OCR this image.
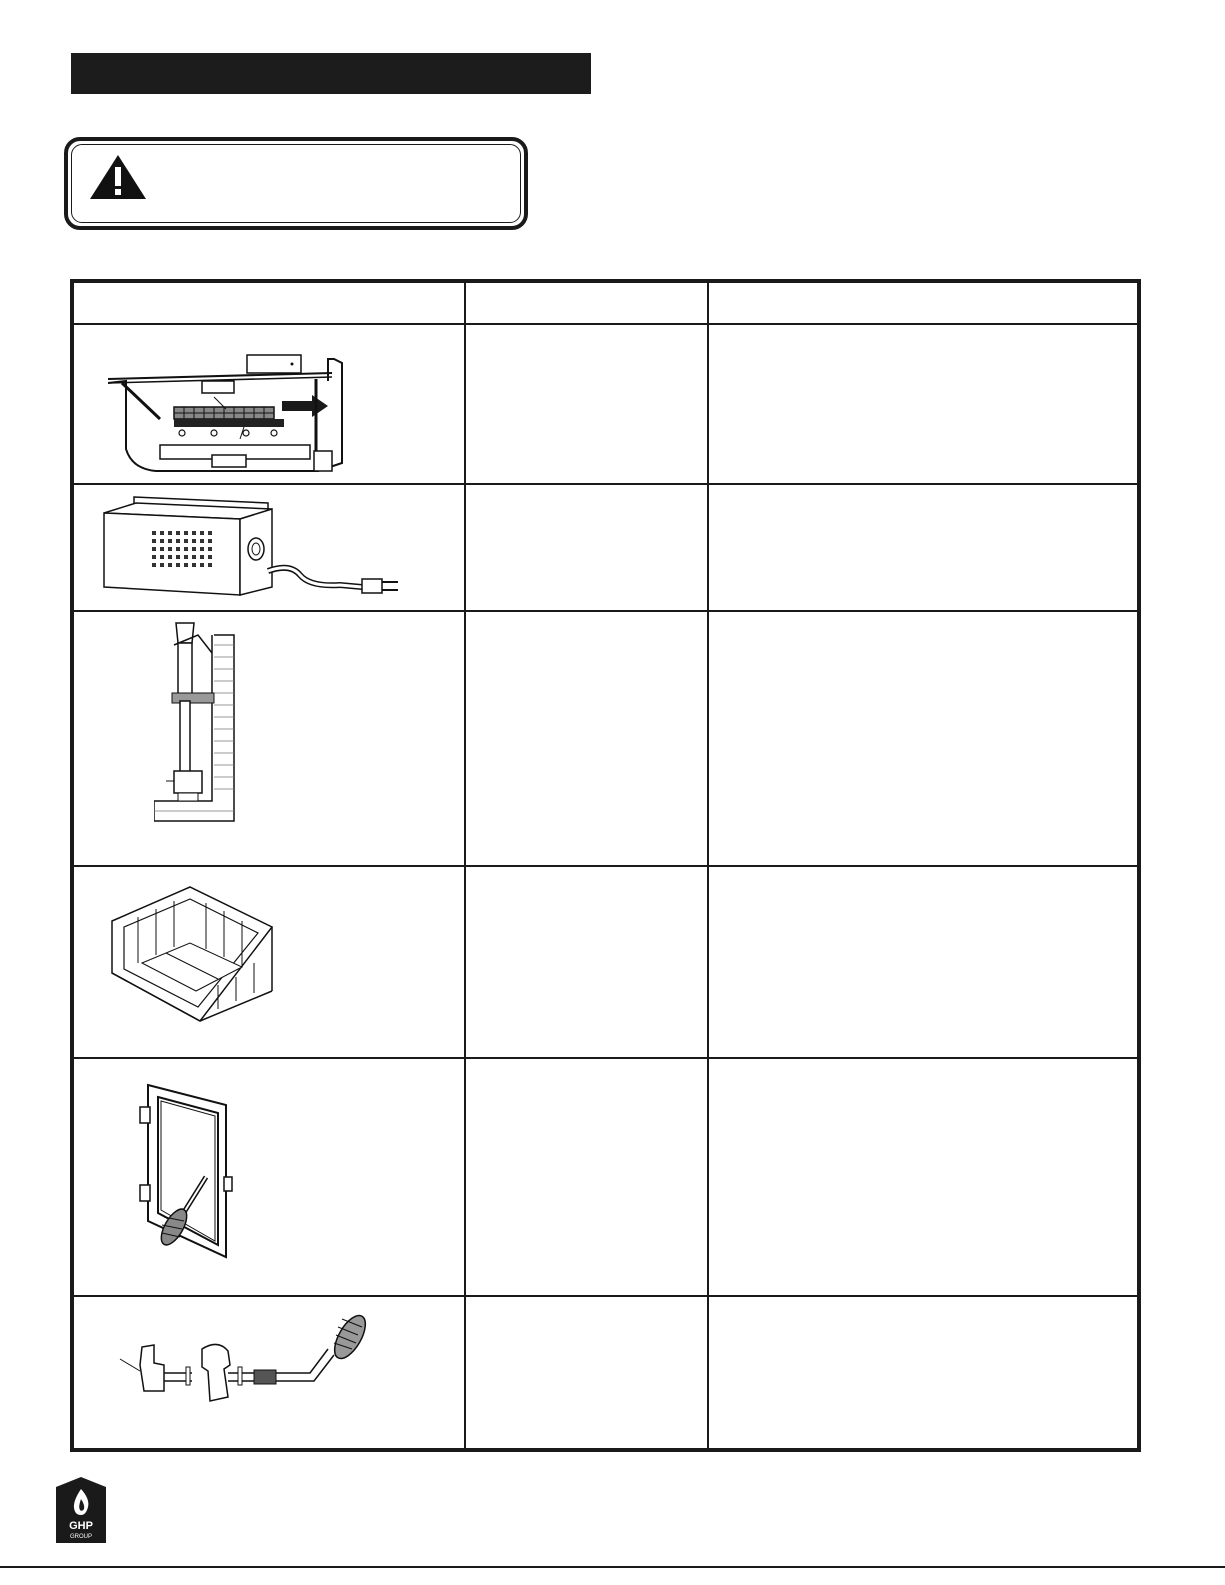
GHP
GROUP
